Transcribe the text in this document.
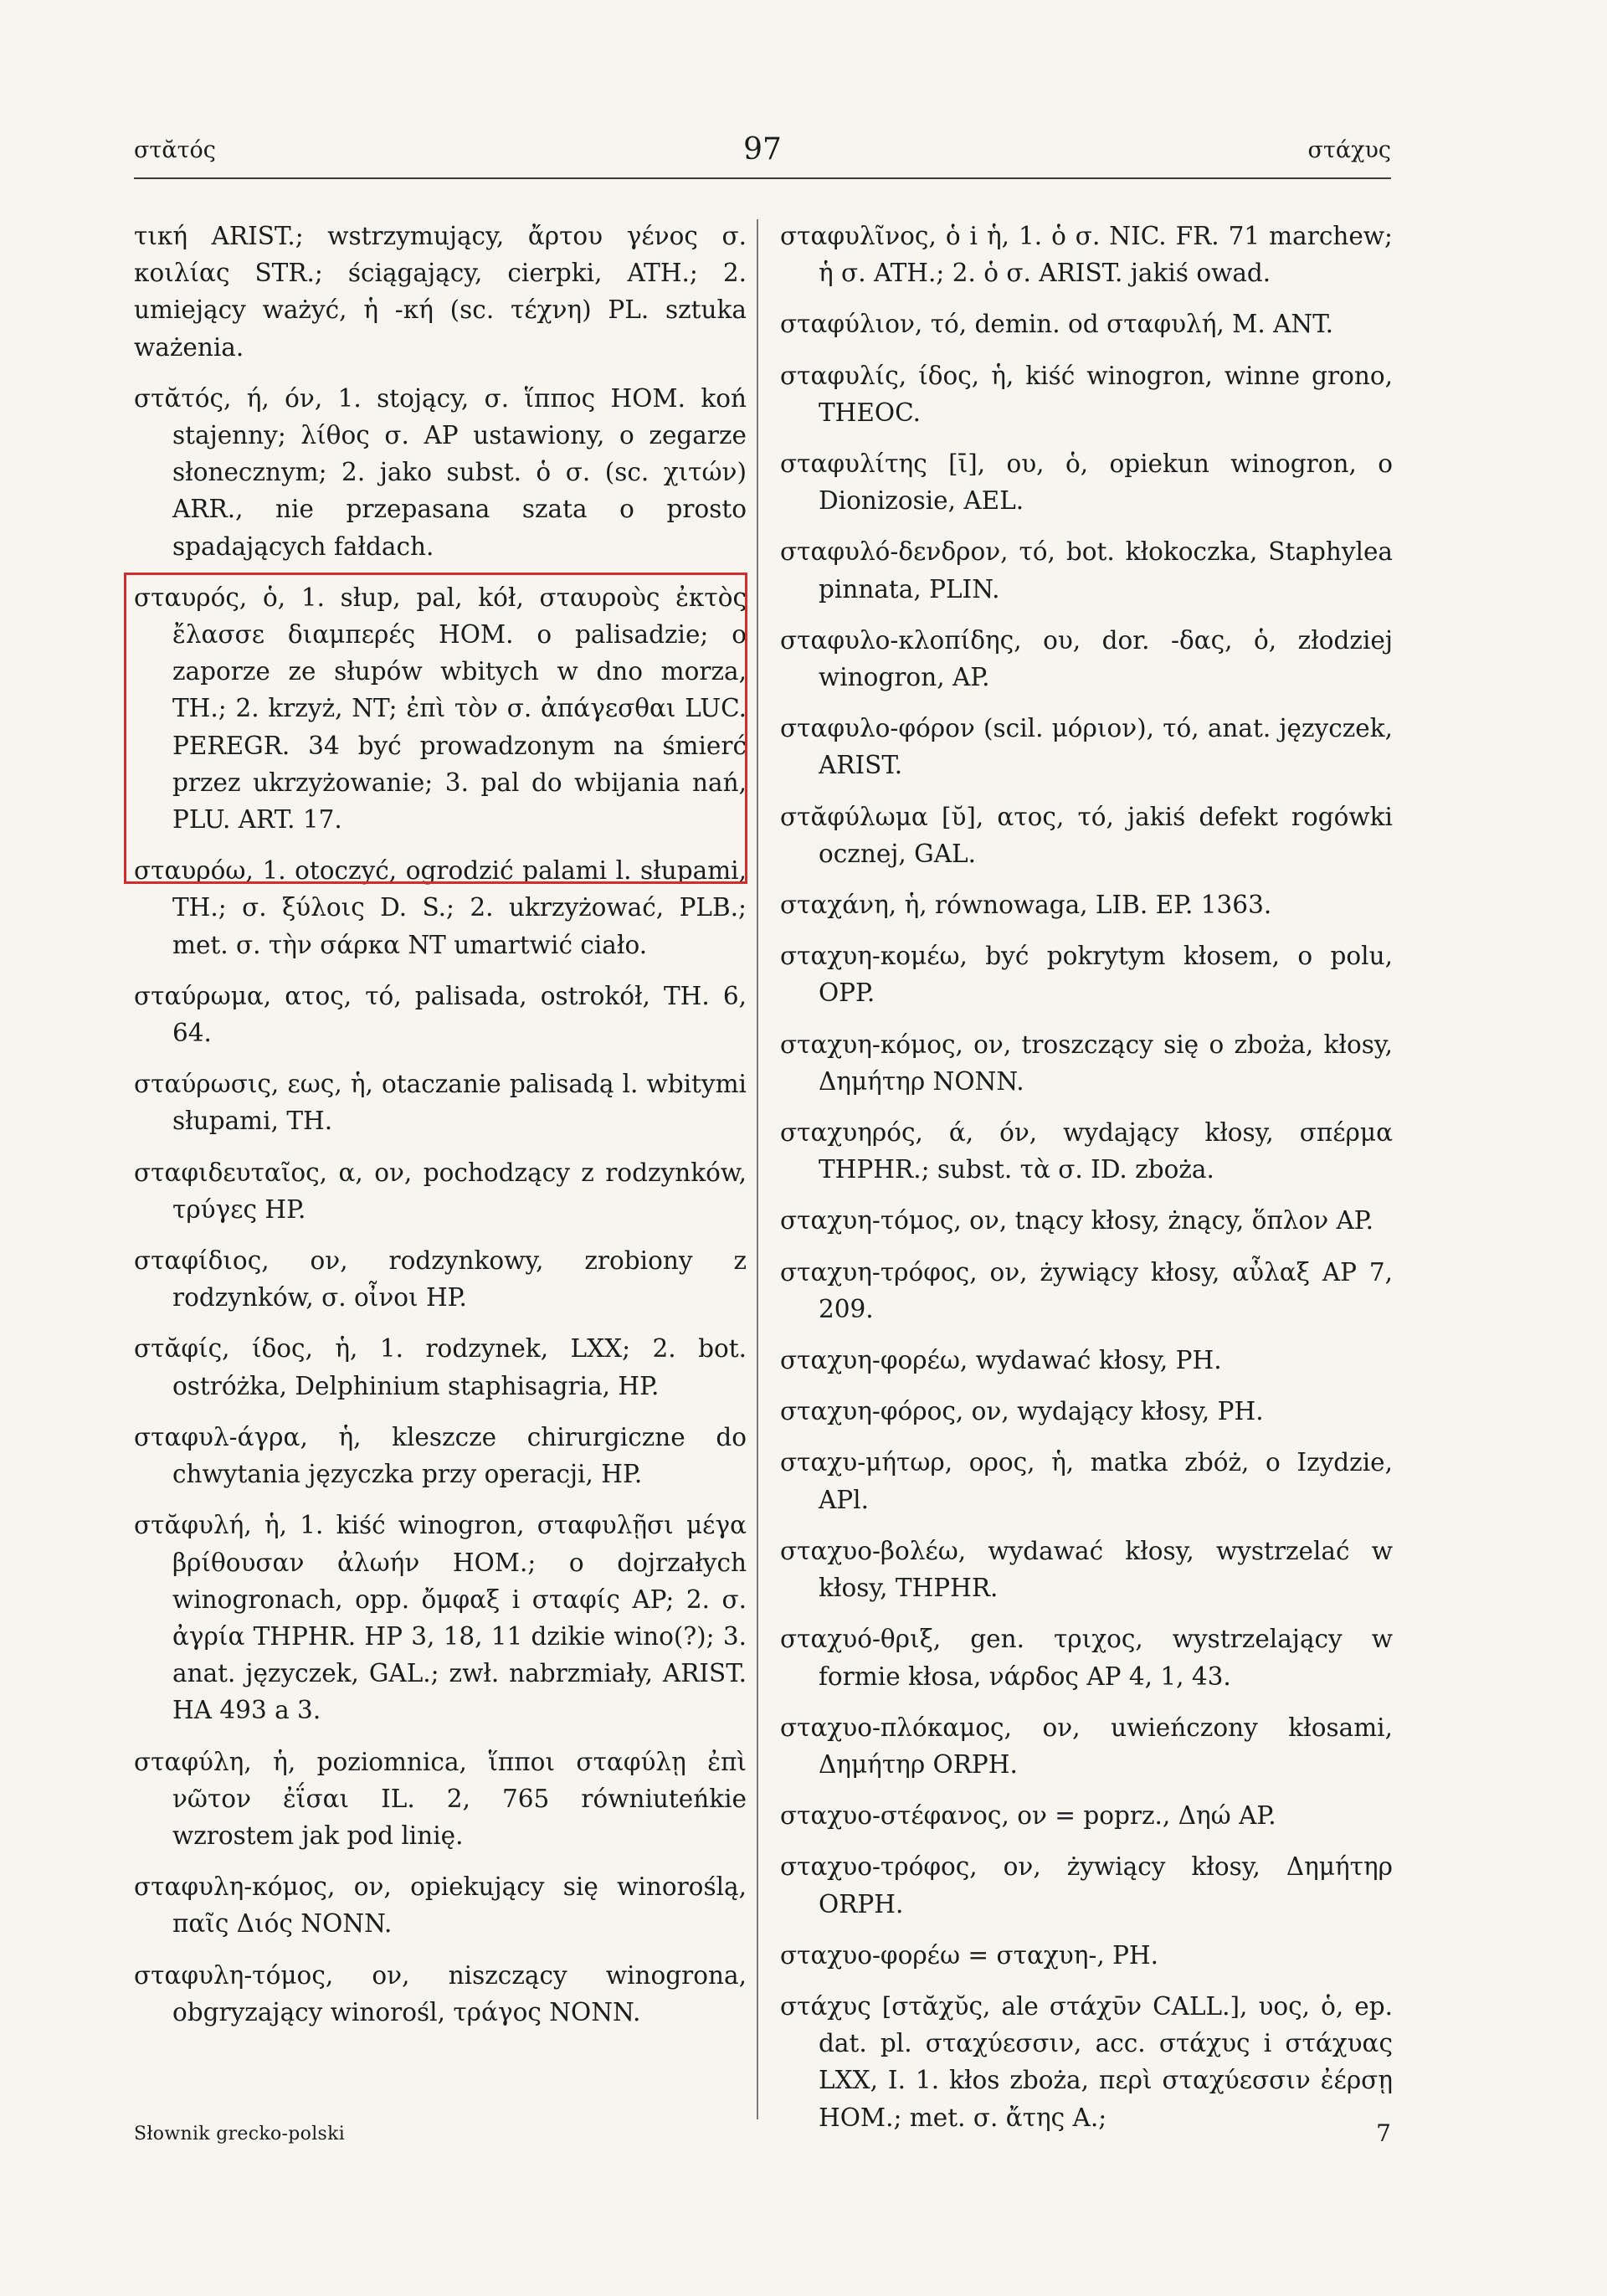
στᾰτός	97	στάχυς

τική ARIST.; wstrzymujący, ἄρτου γένος σ. κοιλίας STR.; ściągający, cierpki, ATH.; 2. umiejący ważyć, ἡ -κή (sc. τέχνη) PL. sztuka ważenia.

στᾰτός, ή, όν, 1. stojący, σ. ἵππος HOM. koń stajenny; λίθος σ. AP ustawiony, o zegarze słonecznym; 2. jako subst. ὁ σ. (sc. χιτών) ARR., nie przepasana szata o prosto spadających fałdach.

σταυρός, ὁ, 1. słup, pal, kół, σταυροὺς ἐκτὸς ἔλασσε διαμπερές HOM. o palisadzie; o zaporze ze słupów wbitych w dno morza, TH.; 2. krzyż, NT; ἐπὶ τὸν σ. ἀπάγεσθαι LUC. PEREGR. 34 być prowadzonym na śmierć przez ukrzyżowanie; 3. pal do wbijania nań, PLU. ART. 17.

σταυρόω, 1. otoczyć, ogrodzić palami l. słupami, TH.; σ. ξύλοις D. S.; 2. ukrzyżować, PLB.; met. σ. τὴν σάρκα NT umartwić ciało.

σταύρωμα, ατος, τό, palisada, ostrokół, TH. 6, 64.

σταύρωσις, εως, ἡ, otaczanie palisadą l. wbitymi słupami, TH.

σταφιδευταῖος, α, ον, pochodzący z rodzynków, τρύγες HP.

σταφίδιος, ον, rodzynkowy, zrobiony z rodzynków, σ. οἶνοι HP.

στᾰφίς, ίδος, ἡ, 1. rodzynek, LXX; 2. bot. ostróżka, Delphinium staphisagria, HP.

σταφυλ-άγρα, ἡ, kleszcze chirurgiczne do chwytania języczka przy operacji, HP.

στᾰφυλή, ἡ, 1. kiść winogron, σταφυλῇσι μέγα βρίθουσαν ἀλωήν HOM.; o dojrzałych winogronach, opp. ὄμφαξ i σταφίς AP; 2. σ. ἀγρία THPHR. HP 3, 18, 11 dzikie wino(?); 3. anat. języczek, GAL.; zwł. nabrzmiały, ARIST. HA 493 a 3.

σταφύλη, ἡ, poziomnica, ἵπποι σταφύλῃ ἐπὶ νῶτον ἐΐσαι IL. 2, 765 równiuteńkie wzrostem jak pod linię.

σταφυλη-κόμος, ον, opiekujący się winoroślą, παῖς Διός NONN.

σταφυλη-τόμος, ον, niszczący winogrona, obgryzający winorośl, τράγος NONN.

σταφυλῖνος, ὁ i ἡ, 1. ὁ σ. NIC. FR. 71 marchew; ἡ σ. ATH.; 2. ὁ σ. ARIST. jakiś owad.

σταφύλιον, τό, demin. od σταφυλή, M. ANT.

σταφυλίς, ίδος, ἡ, kiść winogron, winne grono, THEOC.

σταφυλίτης [ῑ], ου, ὁ, opiekun winogron, o Dionizosie, AEL.

σταφυλό-δενδρον, τό, bot. kłokoczka, Staphylea pinnata, PLIN.

σταφυλο-κλοπίδης, ου, dor. -δας, ὁ, złodziej winogron, AP.

σταφυλο-φόρον (scil. μόριον), τό, anat. języczek, ARIST.

στᾰφύλωμα [ῠ], ατος, τό, jakiś defekt rogówki ocznej, GAL.

σταχάνη, ἡ, równowaga, LIB. EP. 1363.

σταχυη-κομέω, być pokrytym kłosem, o polu, OPP.

σταχυη-κόμος, ον, troszczący się o zboża, kłosy, Δημήτηρ NONN.

σταχυηρός, ά, όν, wydający kłosy, σπέρμα THPHR.; subst. τὰ σ. ID. zboża.

σταχυη-τόμος, ον, tnący kłosy, żnący, ὅπλον AP.

σταχυη-τρόφος, ον, żywiący kłosy, αὖλαξ AP 7, 209.

σταχυη-φορέω, wydawać kłosy, PH.

σταχυη-φόρος, ον, wydający kłosy, PH.

σταχυ-μήτωρ, ορος, ἡ, matka zbóż, o Izydzie, APl.

σταχυο-βολέω, wydawać kłosy, wystrzelać w kłosy, THPHR.

σταχυό-θριξ, gen. τριχος, wystrzelający w formie kłosa, νάρδος AP 4, 1, 43.

σταχυο-πλόκαμος, ον, uwieńczony kłosami, Δημήτηρ ORPH.

σταχυο-στέφανος, ον = poprz., Δηώ AP.

σταχυο-τρόφος, ον, żywiący kłosy, Δημήτηρ ORPH.

σταχυο-φορέω = σταχυη-, PH.

στάχυς [στᾰχῠς, ale στάχῡν CALL.], υος, ὁ, ep. dat. pl. σταχύεσσιν, acc. στάχυς i στάχυας LXX, I. 1. kłos zboża, περὶ σταχύεσσιν ἐέρσῃ HOM.; met. σ. ἄτης A.;

Słownik grecko-polski	7
